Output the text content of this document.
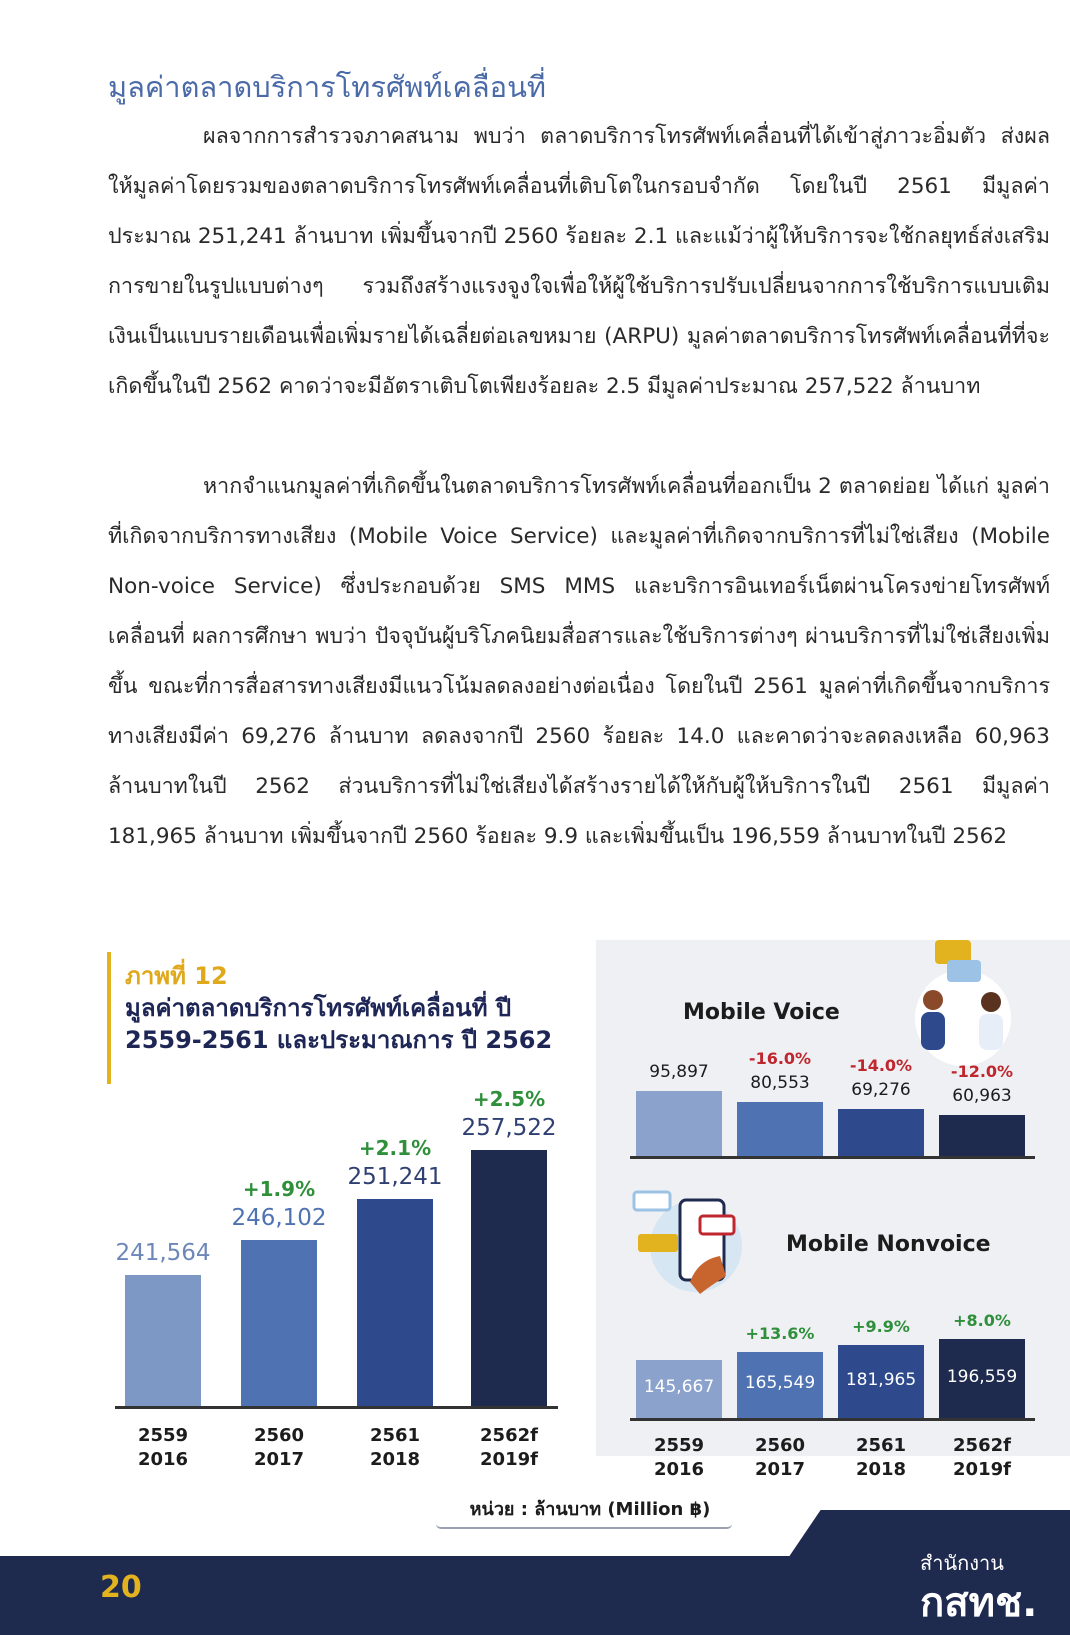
มูลค่าตลาดบริการโทรศัพท์เคลื่อนที่
ผลจากการสำรวจภาคสนาม พบว่า ตลาดบริการโทรศัพท์เคลื่อนที่ได้เข้าสู่ภาวะอิ่มตัว ส่งผลให้มูลค่าโดยรวมของตลาดบริการโทรศัพท์เคลื่อนที่เติบโตในกรอบจำกัด โดยในปี 2561 มีมูลค่าประมาณ 251,241 ล้านบาท เพิ่มขึ้นจากปี 2560 ร้อยละ 2.1 และแม้ว่าผู้ให้บริการจะใช้กลยุทธ์ส่งเสริมการขายในรูปแบบต่างๆ รวมถึงสร้างแรงจูงใจเพื่อให้ผู้ใช้บริการปรับเปลี่ยนจากการใช้บริการแบบเติมเงินเป็นแบบรายเดือนเพื่อเพิ่มรายได้เฉลี่ยต่อเลขหมาย (ARPU) มูลค่าตลาดบริการโทรศัพท์เคลื่อนที่ที่จะเกิดขึ้นในปี 2562 คาดว่าจะมีอัตราเติบโตเพียงร้อยละ 2.5 มีมูลค่าประมาณ 257,522 ล้านบาท
หากจำแนกมูลค่าที่เกิดขึ้นในตลาดบริการโทรศัพท์เคลื่อนที่ออกเป็น 2 ตลาดย่อย ได้แก่ มูลค่าที่เกิดจากบริการทางเสียง (Mobile Voice Service) และมูลค่าที่เกิดจากบริการที่ไม่ใช่เสียง (Mobile Non-voice Service) ซึ่งประกอบด้วย SMS MMS และบริการอินเทอร์เน็ตผ่านโครงข่ายโทรศัพท์เคลื่อนที่ ผลการศึกษา พบว่า ปัจจุบันผู้บริโภคนิยมสื่อสารและใช้บริการต่างๆ ผ่านบริการที่ไม่ใช่เสียงเพิ่มขึ้น ขณะที่การสื่อสารทางเสียงมีแนวโน้มลดลงอย่างต่อเนื่อง โดยในปี 2561 มูลค่าที่เกิดขึ้นจากบริการทางเสียงมีค่า 69,276 ล้านบาท ลดลงจากปี 2560 ร้อยละ 14.0 และคาดว่าจะลดลงเหลือ 60,963 ล้านบาทในปี 2562 ส่วนบริการที่ไม่ใช่เสียงได้สร้างรายได้ให้กับผู้ให้บริการในปี 2561 มีมูลค่า 181,965 ล้านบาท เพิ่มขึ้นจากปี 2560 ร้อยละ 9.9 และเพิ่มขึ้นเป็น 196,559 ล้านบาทในปี 2562
ภาพที่ 12
มูลค่าตลาดบริการโทรศัพท์เคลื่อนที่ ปี 2559-2561 และประมาณการ ปี 2562
Mobile Voice
Mobile Nonvoice
241,564
2559
2016
246,102
+1.9%
2560
2017
251,241
+2.1%
2561
2018
257,522
+2.5%
2562f
2019f
95,897
80,553
-16.0%
69,276
-14.0%
60,963
-12.0%
145,667
2559
2016
165,549
+13.6%
2560
2017
181,965
+9.9%
2561
2018
196,559
+8.0%
2562f
2019f
หน่วย : ล้านบาท (Million ฿)
20
สำนักงาน
กสทช.
